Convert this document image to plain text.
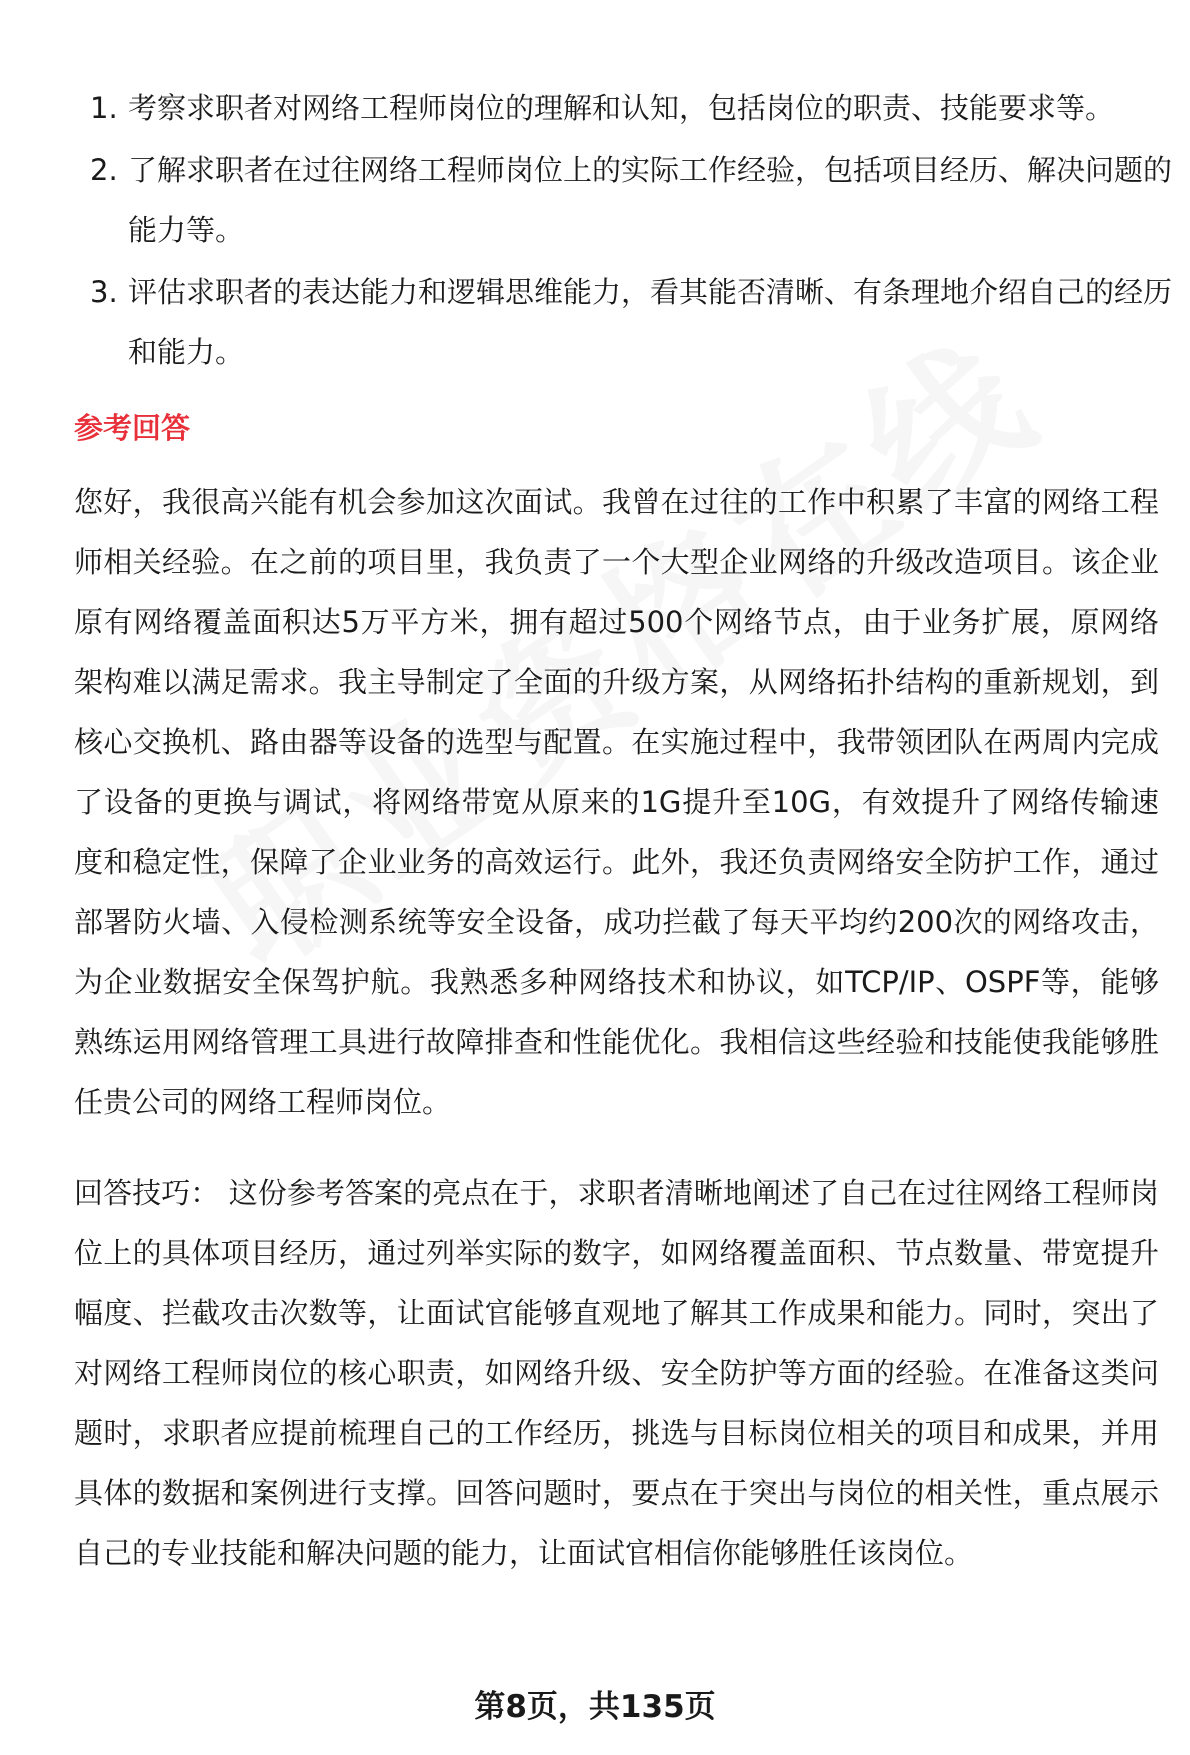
1. 考察求职者对网络工程师岗位的理解和认知，包括岗位的职责、技能要求等。
2. 了解求职者在过往网络工程师岗位上的实际工作经验，包括项目经历、解决问题的能力等。
3. 评估求职者的表达能力和逻辑思维能力，看其能否清晰、有条理地介绍自己的经历和能力。
参考回答

您好，我很高兴能有机会参加这次面试。我曾在过往的工作中积累了丰富的网络工程师相关经验。在之前的项目里，我负责了一个大型企业网络的升级改造项目。该企业原有网络覆盖面积达5万平方米，拥有超过500个网络节点，由于业务扩展，原网络架构难以满足需求。我主导制定了全面的升级方案，从网络拓扑结构的重新规划，到核心交换机、路由器等设备的选型与配置。在实施过程中，我带领团队在两周内完成了设备的更换与调试，将网络带宽从原来的1G提升至10G，有效提升了网络传输速度和稳定性，保障了企业业务的高效运行。此外，我还负责网络安全防护工作，通过部署防火墙、入侵检测系统等安全设备，成功拦截了每天平均约200次的网络攻击，为企业数据安全保驾护航。我熟悉多种网络技术和协议，如TCP/IP、OSPF等，能够熟练运用网络管理工具进行故障排查和性能优化。我相信这些经验和技能使我能够胜任贵公司的网络工程师岗位。

回答技巧： 这份参考答案的亮点在于，求职者清晰地阐述了自己在过往网络工程师岗位上的具体项目经历，通过列举实际的数字，如网络覆盖面积、节点数量、带宽提升幅度、拦截攻击次数等，让面试官能够直观地了解其工作成果和能力。同时，突出了对网络工程师岗位的核心职责，如网络升级、安全防护等方面的经验。在准备这类问题时，求职者应提前梳理自己的工作经历，挑选与目标岗位相关的项目和成果，并用具体的数据和案例进行支撑。回答问题时，要点在于突出与岗位的相关性，重点展示自己的专业技能和解决问题的能力，让面试官相信你能够胜任该岗位。

第8页，共135页
